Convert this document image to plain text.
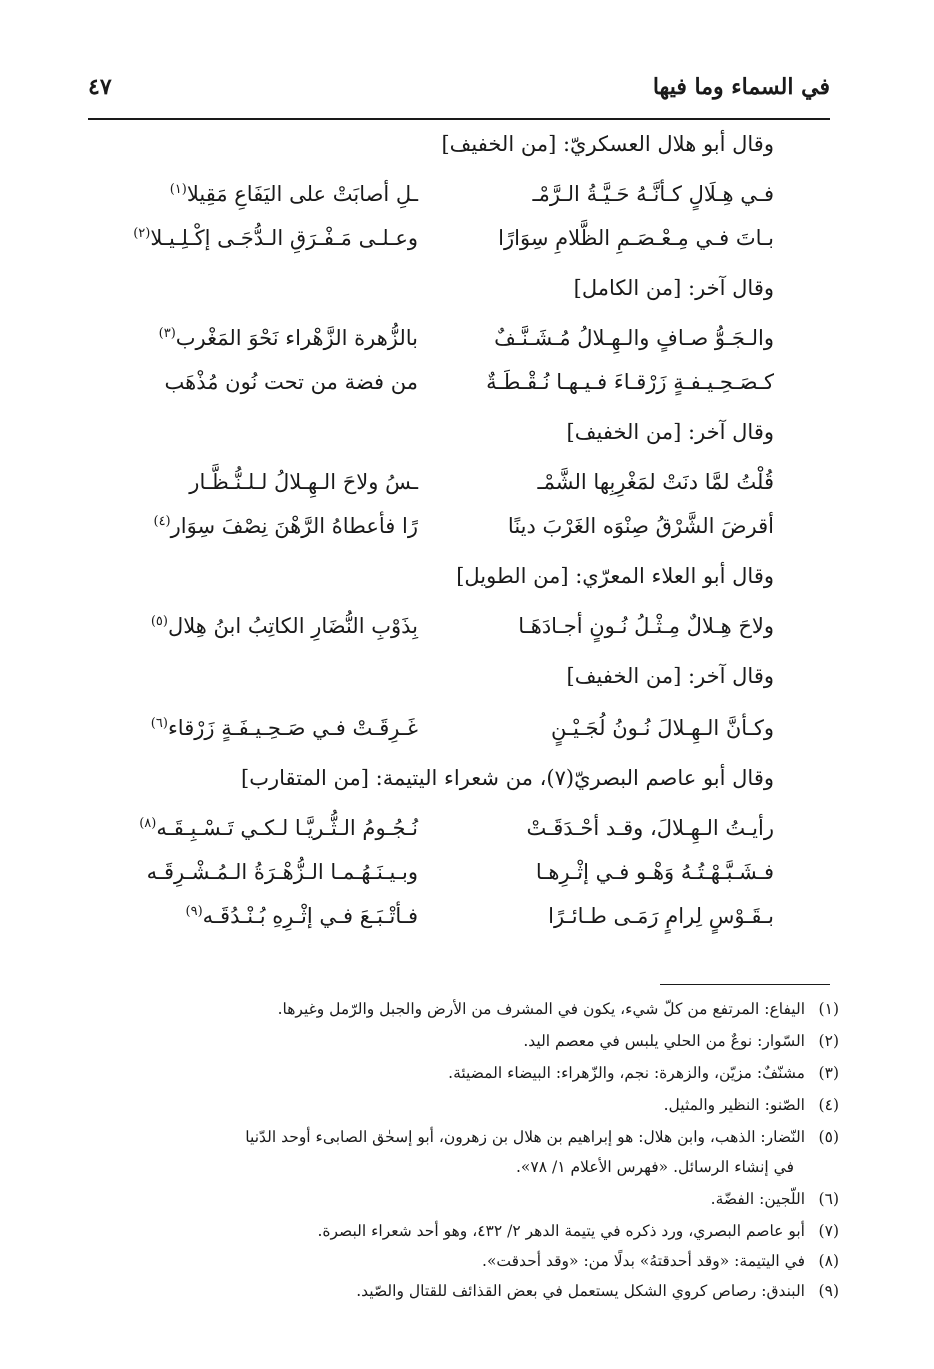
في السماء وما فيها
٤٧
وقال أبو هلال العسكريّ: [من الخفيف]
فـي هِـلَالٍ كـأنَّـهُ حَـيَّـةُ الـرَّمْـ
ـلِ أصابَتْ على اليَفَاعِ مَقِيلا$^{(١)}$
بـاتَ فـي مِـعْـصَـمِ الظَّلامِ سِوَارًا
وعـلـى مَـفْـرَقِ الـدُّجَـى إكْـلِـيـلا$^{(٢)}$
وقال آخر: [من الكامل]
والـجَـوُّ صـافٍ والـهِـلالُ مُـشَـنَّـفٌ
بالزُّهرة الزَّهْراء نَحْوَ المَغْرب$^{(٣)}$
كـصَـحِـيـفـةٍ زَرْقـاءَ فـيـهـا نُـقْـطَـةٌ
من فضة من تحت نُون مُذْهَب
وقال آخر: [من الخفيف]
قُلْتُ لمَّا دنَتْ لمَغْرِبِها الشَّمْـ
ـسُ ولاحَ الـهِـلالُ لـلـنُّـظَّـار
أقرضَ الشَّرْقُ صِنْوَه الغَرْبَ دينًا
رًا فأعطاهُ الرَّهْنَ نِصْفَ سِوَار$^{(٤)}$
وقال أبو العلاء المعرّي: [من الطويل]
ولاحَ هِـلالٌ مِـثْـلُ نُـونٍ أجـادَهَـا
بِذَوْبِ النُّضَارِ الكاتِبُ ابنُ هِلال$^{(٥)}$
وقال آخر: [من الخفيف]
وكـأنَّ الـهِـلالَ نُـونُ لُجَـيْـنٍ
غَـرِقَـتْ فـي صَـحِـيـفَـةٍ زَرْقاء$^{(٦)}$
وقال أبو عاصم البصريّ(٧)، من شعراء اليتيمة: [من المتقارب]
رأيـتُ الـهِـلالَ، وقـد أحْـدَقَـتْ
نُـجُـومُ الـثُّـريَّـا لـكـي تَـسْـبِـقَـه$^{(٨)}$
فـشَـبَّـهْـتُـهُ وَهْـو فـي إثْـرِهـا
وبـيـنَـهُـمـا الـزُّهْـرَةُ الـمُـشْـرِقَـه
بـقَـوْسٍ لِرامٍ رَمَـى طـائـرًا
فـأتْـبَـعَ فـي إثْـرِهِ بُـنْـدُقَـه$^{(٩)}$
(١)اليفاع: المرتفع من كلّ شيء، يكون في المشرف من الأرض والجبل والرّمل وغيرها.
(٢)السّوار: نوعٌ من الحلي يلبس في معصم اليد.
(٣)مشنّفٌ: مزيّن، والزهرة: نجم، والزّهراء: البيضاء المضيئة.
(٤)الصّنو: النظير والمثيل.
(٥)النّضار: الذهب، وابن هلال: هو إبراهيم بن هلال بن زهرون، أبو إسحٰق الصابىء أوحد الدّنيا
في إنشاء الرسائل. «فهرس الأعلام ١/ ٧٨».
(٦)اللّجين: الفضّة.
(٧)أبو عاصم البصري، ورد ذكره في يتيمة الدهر ٢/ ٤٣٢، وهو أحد شعراء البصرة.
(٨)في اليتيمة: «وقد أحدقتهُ» بدلًا من: «وقد أحدقت».
(٩)البندق: رصاص كروي الشكل يستعمل في بعض القذائف للقتال والصّيد.
